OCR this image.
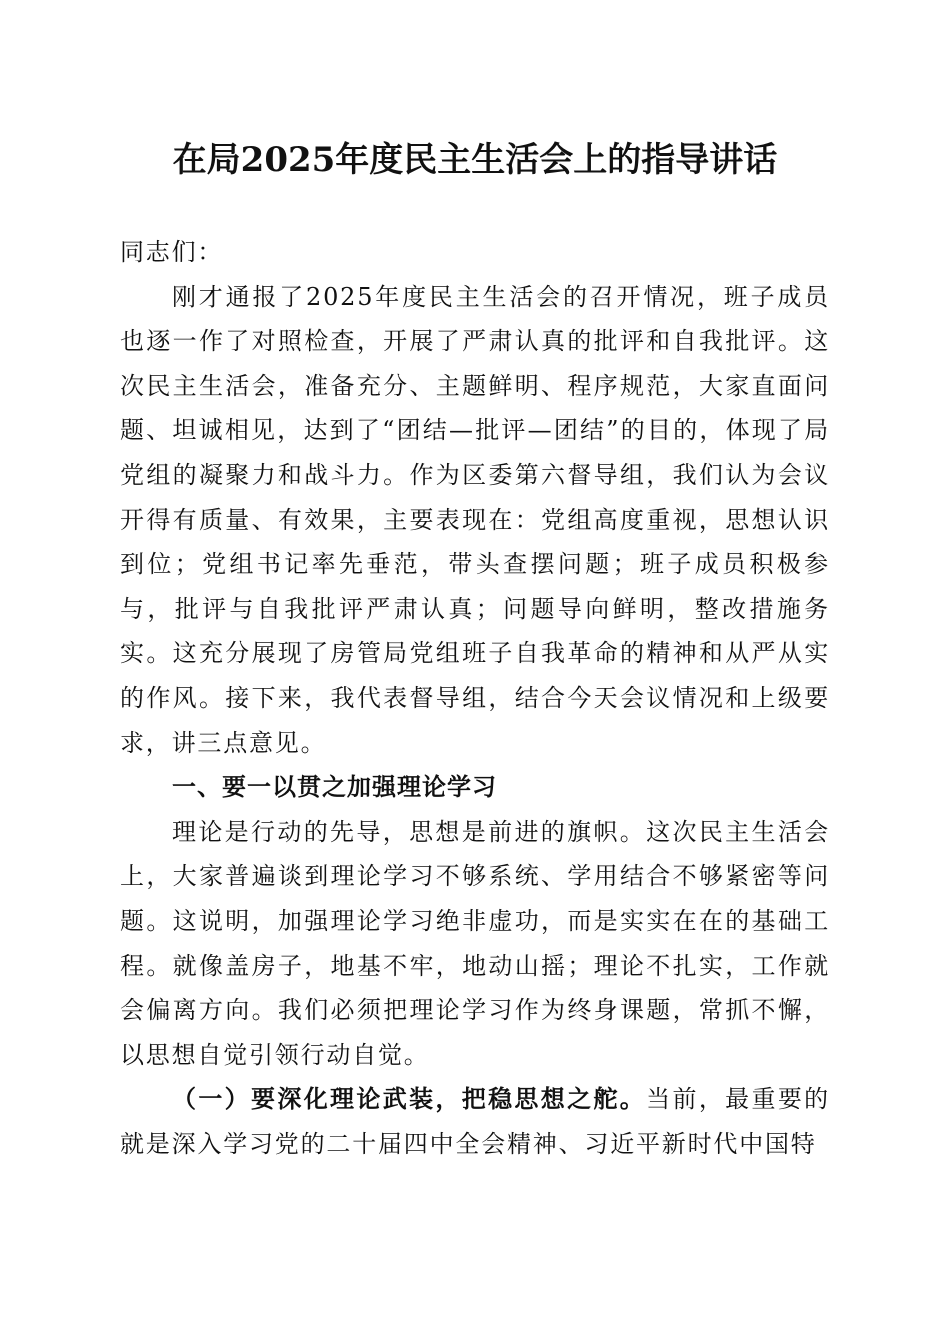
在局2025年度民主生活会上的指导讲话

同志们：

刚才通报了2025年度民主生活会的召开情况，班子成员也逐一作了对照检查，开展了严肃认真的批评和自我批评。这次民主生活会，准备充分、主题鲜明、程序规范，大家直面问题、坦诚相见，达到了“团结—批评—团结”的目的，体现了局党组的凝聚力和战斗力。作为区委第六督导组，我们认为会议开得有质量、有效果，主要表现在：党组高度重视，思想认识到位；党组书记率先垂范，带头查摆问题；班子成员积极参与，批评与自我批评严肃认真；问题导向鲜明，整改措施务实。这充分展现了房管局党组班子自我革命的精神和从严从实的作风。接下来，我代表督导组，结合今天会议情况和上级要求，讲三点意见。

一、要一以贯之加强理论学习

理论是行动的先导，思想是前进的旗帜。这次民主生活会上，大家普遍谈到理论学习不够系统、学用结合不够紧密等问题。这说明，加强理论学习绝非虚功，而是实实在在的基础工程。就像盖房子，地基不牢，地动山摇；理论不扎实，工作就会偏离方向。我们必须把理论学习作为终身课题，常抓不懈，以思想自觉引领行动自觉。

（一）要深化理论武装，把稳思想之舵。当前，最重要的就是深入学习党的二十届四中全会精神、习近平新时代中国特
